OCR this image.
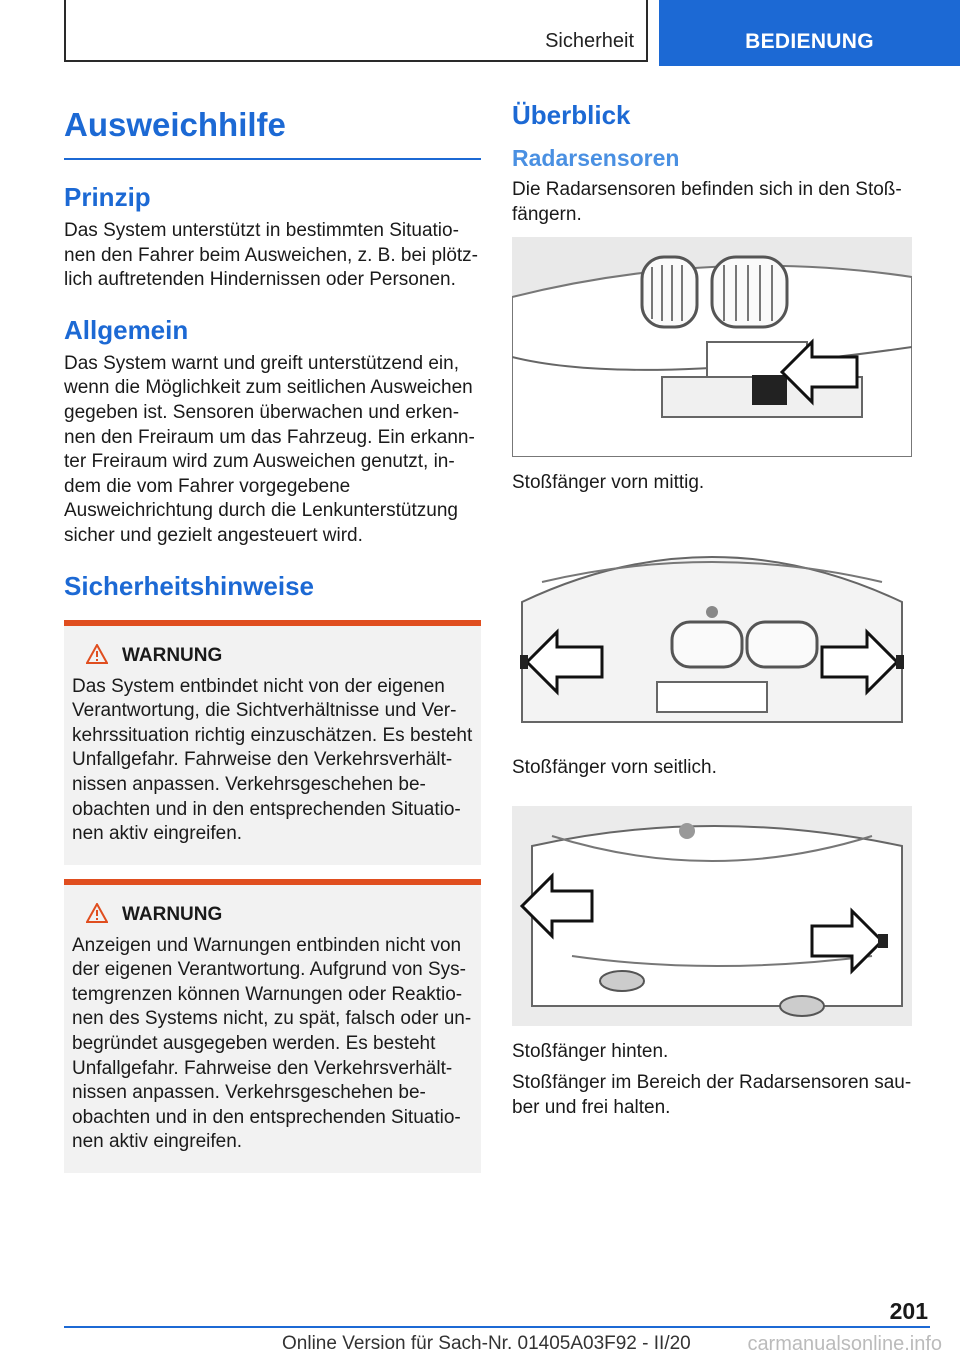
Sicherheit	BEDIENUNG
Ausweichhilfe
Prinzip

Das System unterstützt in bestimmten Situatio‐nen den Fahrer beim Ausweichen, z. B. bei plötz‐lich auftretenden Hindernissen oder Personen.

Allgemein

Das System warnt und greift unterstützend ein, wenn die Möglichkeit zum seitlichen Ausweichen gegeben ist. Sensoren überwachen und erken‐nen den Freiraum um das Fahrzeug. Ein erkann‐ter Freiraum wird zum Ausweichen genutzt, in‐dem die vom Fahrer vorgegebene Ausweichrichtung durch die Lenkunterstützung sicher und gezielt angesteuert wird.

Sicherheitshinweise
WARNUNG

Das System entbindet nicht von der eigenen Verantwortung, die Sichtverhältnisse und Ver‐kehrssituation richtig einzuschätzen. Es besteht Unfallgefahr. Fahrweise den Verkehrsverhält‐nissen anpassen. Verkehrsgeschehen be‐obachten und in den entsprechenden Situatio‐nen aktiv eingreifen.

WARNUNG

Anzeigen und Warnungen entbinden nicht von der eigenen Verantwortung. Aufgrund von Sys‐temgrenzen können Warnungen oder Reaktio‐nen des Systems nicht, zu spät, falsch oder un‐begründet ausgegeben werden. Es besteht Unfallgefahr. Fahrweise den Verkehrsverhält‐nissen anpassen. Verkehrsgeschehen be‐obachten und in den entsprechenden Situatio‐nen aktiv eingreifen.

Überblick
Radarsensoren

Die Radarsensoren befinden sich in den Stoß‐fängern.

Stoßfänger vorn mittig.

Stoßfänger vorn seitlich.

Stoßfänger hinten.

Stoßfänger im Bereich der Radarsensoren sau‐ber und frei halten.

201
Online Version für Sach-Nr. 01405A03F92 - II/20	carmanualsonline.info
